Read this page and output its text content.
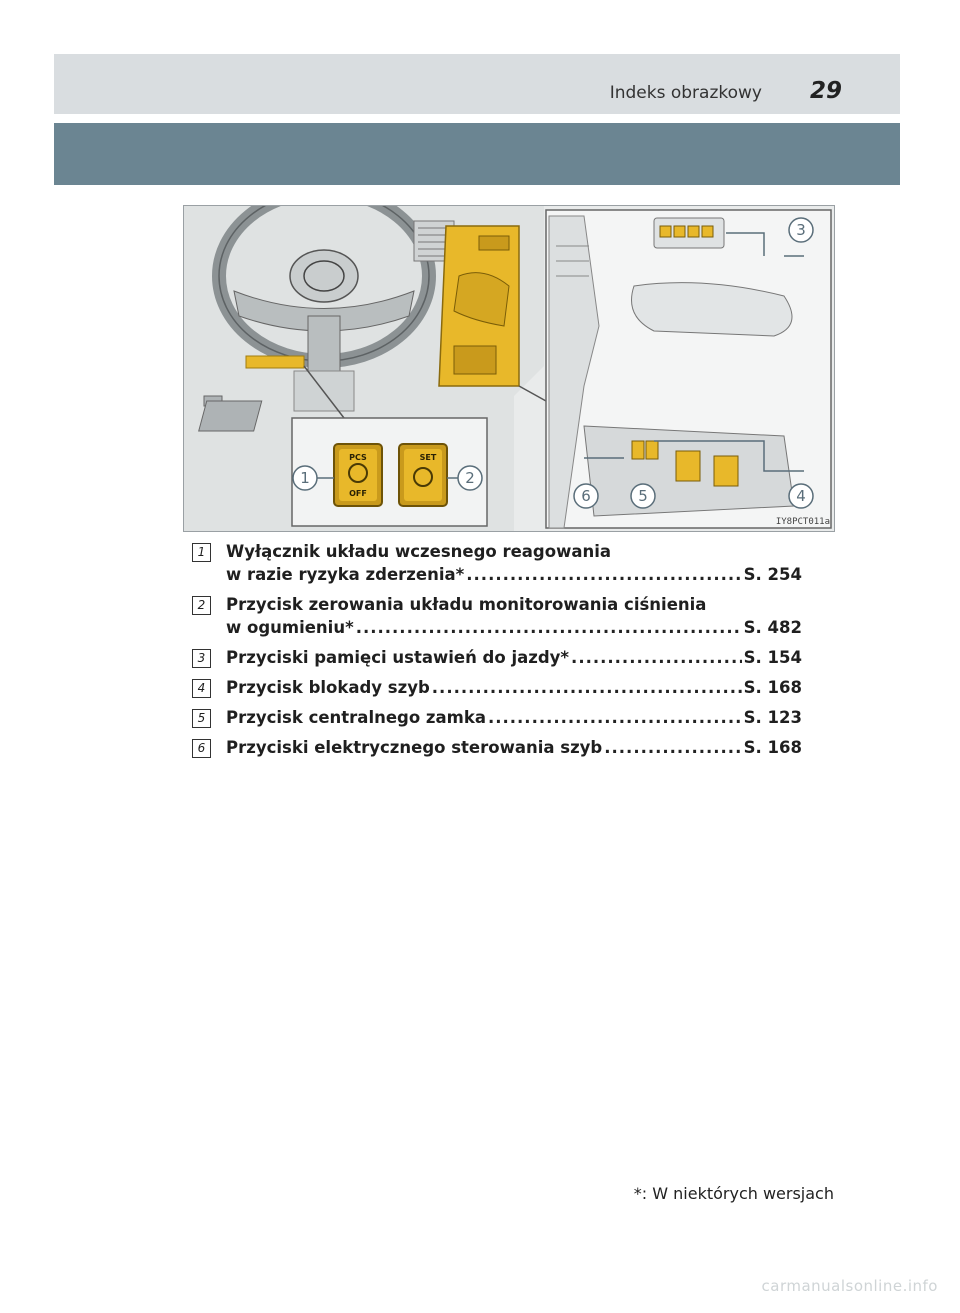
Indeks obrazkowy 29
1	2
3
4
5
6
PCS
OFF
SET
IY8PCT011a
1	Wyłącznik układu wczesnego reagowania
w razie ryzyka zderzenia* .....	S. 254
2	Przycisk zerowania układu monitorowania ciśnienia
w ogumieniu* .....	S. 482
3	Przyciski pamięci ustawień do jazdy* .....	S. 154
4	Przycisk blokady szyb .....	S. 168
5	Przycisk centralnego zamka .....	S. 123
6	Przyciski elektrycznego sterowania szyb .....	S. 168
*: W niektórych wersjach
carmanualsonline.info
